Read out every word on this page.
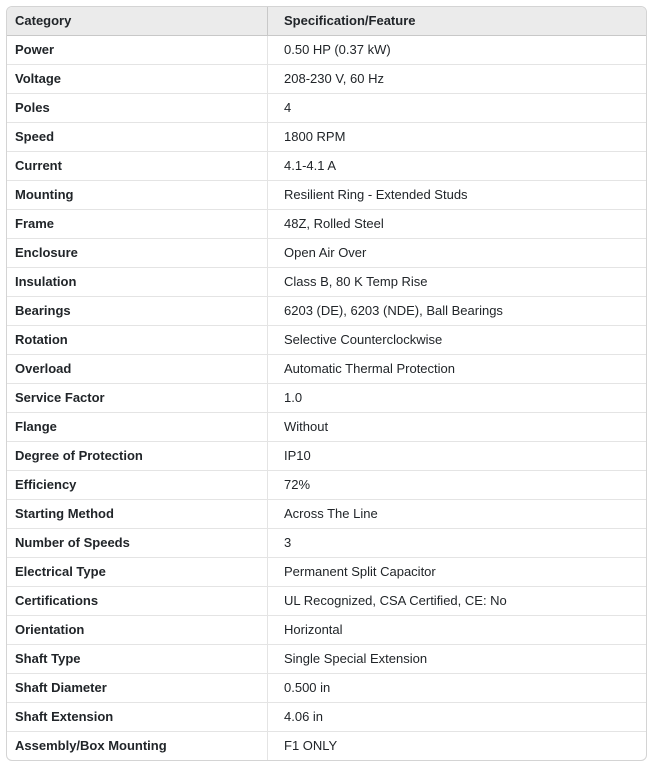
Category	Specification/Feature
Power	0.50 HP (0.37 kW)
Voltage	208-230 V, 60 Hz
Poles	4
Speed	1800 RPM
Current	4.1-4.1 A
Mounting	Resilient Ring - Extended Studs
Frame	48Z, Rolled Steel
Enclosure	Open Air Over
Insulation	Class B, 80 K Temp Rise
Bearings	6203 (DE), 6203 (NDE), Ball Bearings
Rotation	Selective Counterclockwise
Overload	Automatic Thermal Protection
Service Factor	1.0
Flange	Without
Degree of Protection	IP10
Efficiency	72%
Starting Method	Across The Line
Number of Speeds	3
Electrical Type	Permanent Split Capacitor
Certifications	UL Recognized, CSA Certified, CE: No
Orientation	Horizontal
Shaft Type	Single Special Extension
Shaft Diameter	0.500 in
Shaft Extension	4.06 in
Assembly/Box Mounting	F1 ONLY
